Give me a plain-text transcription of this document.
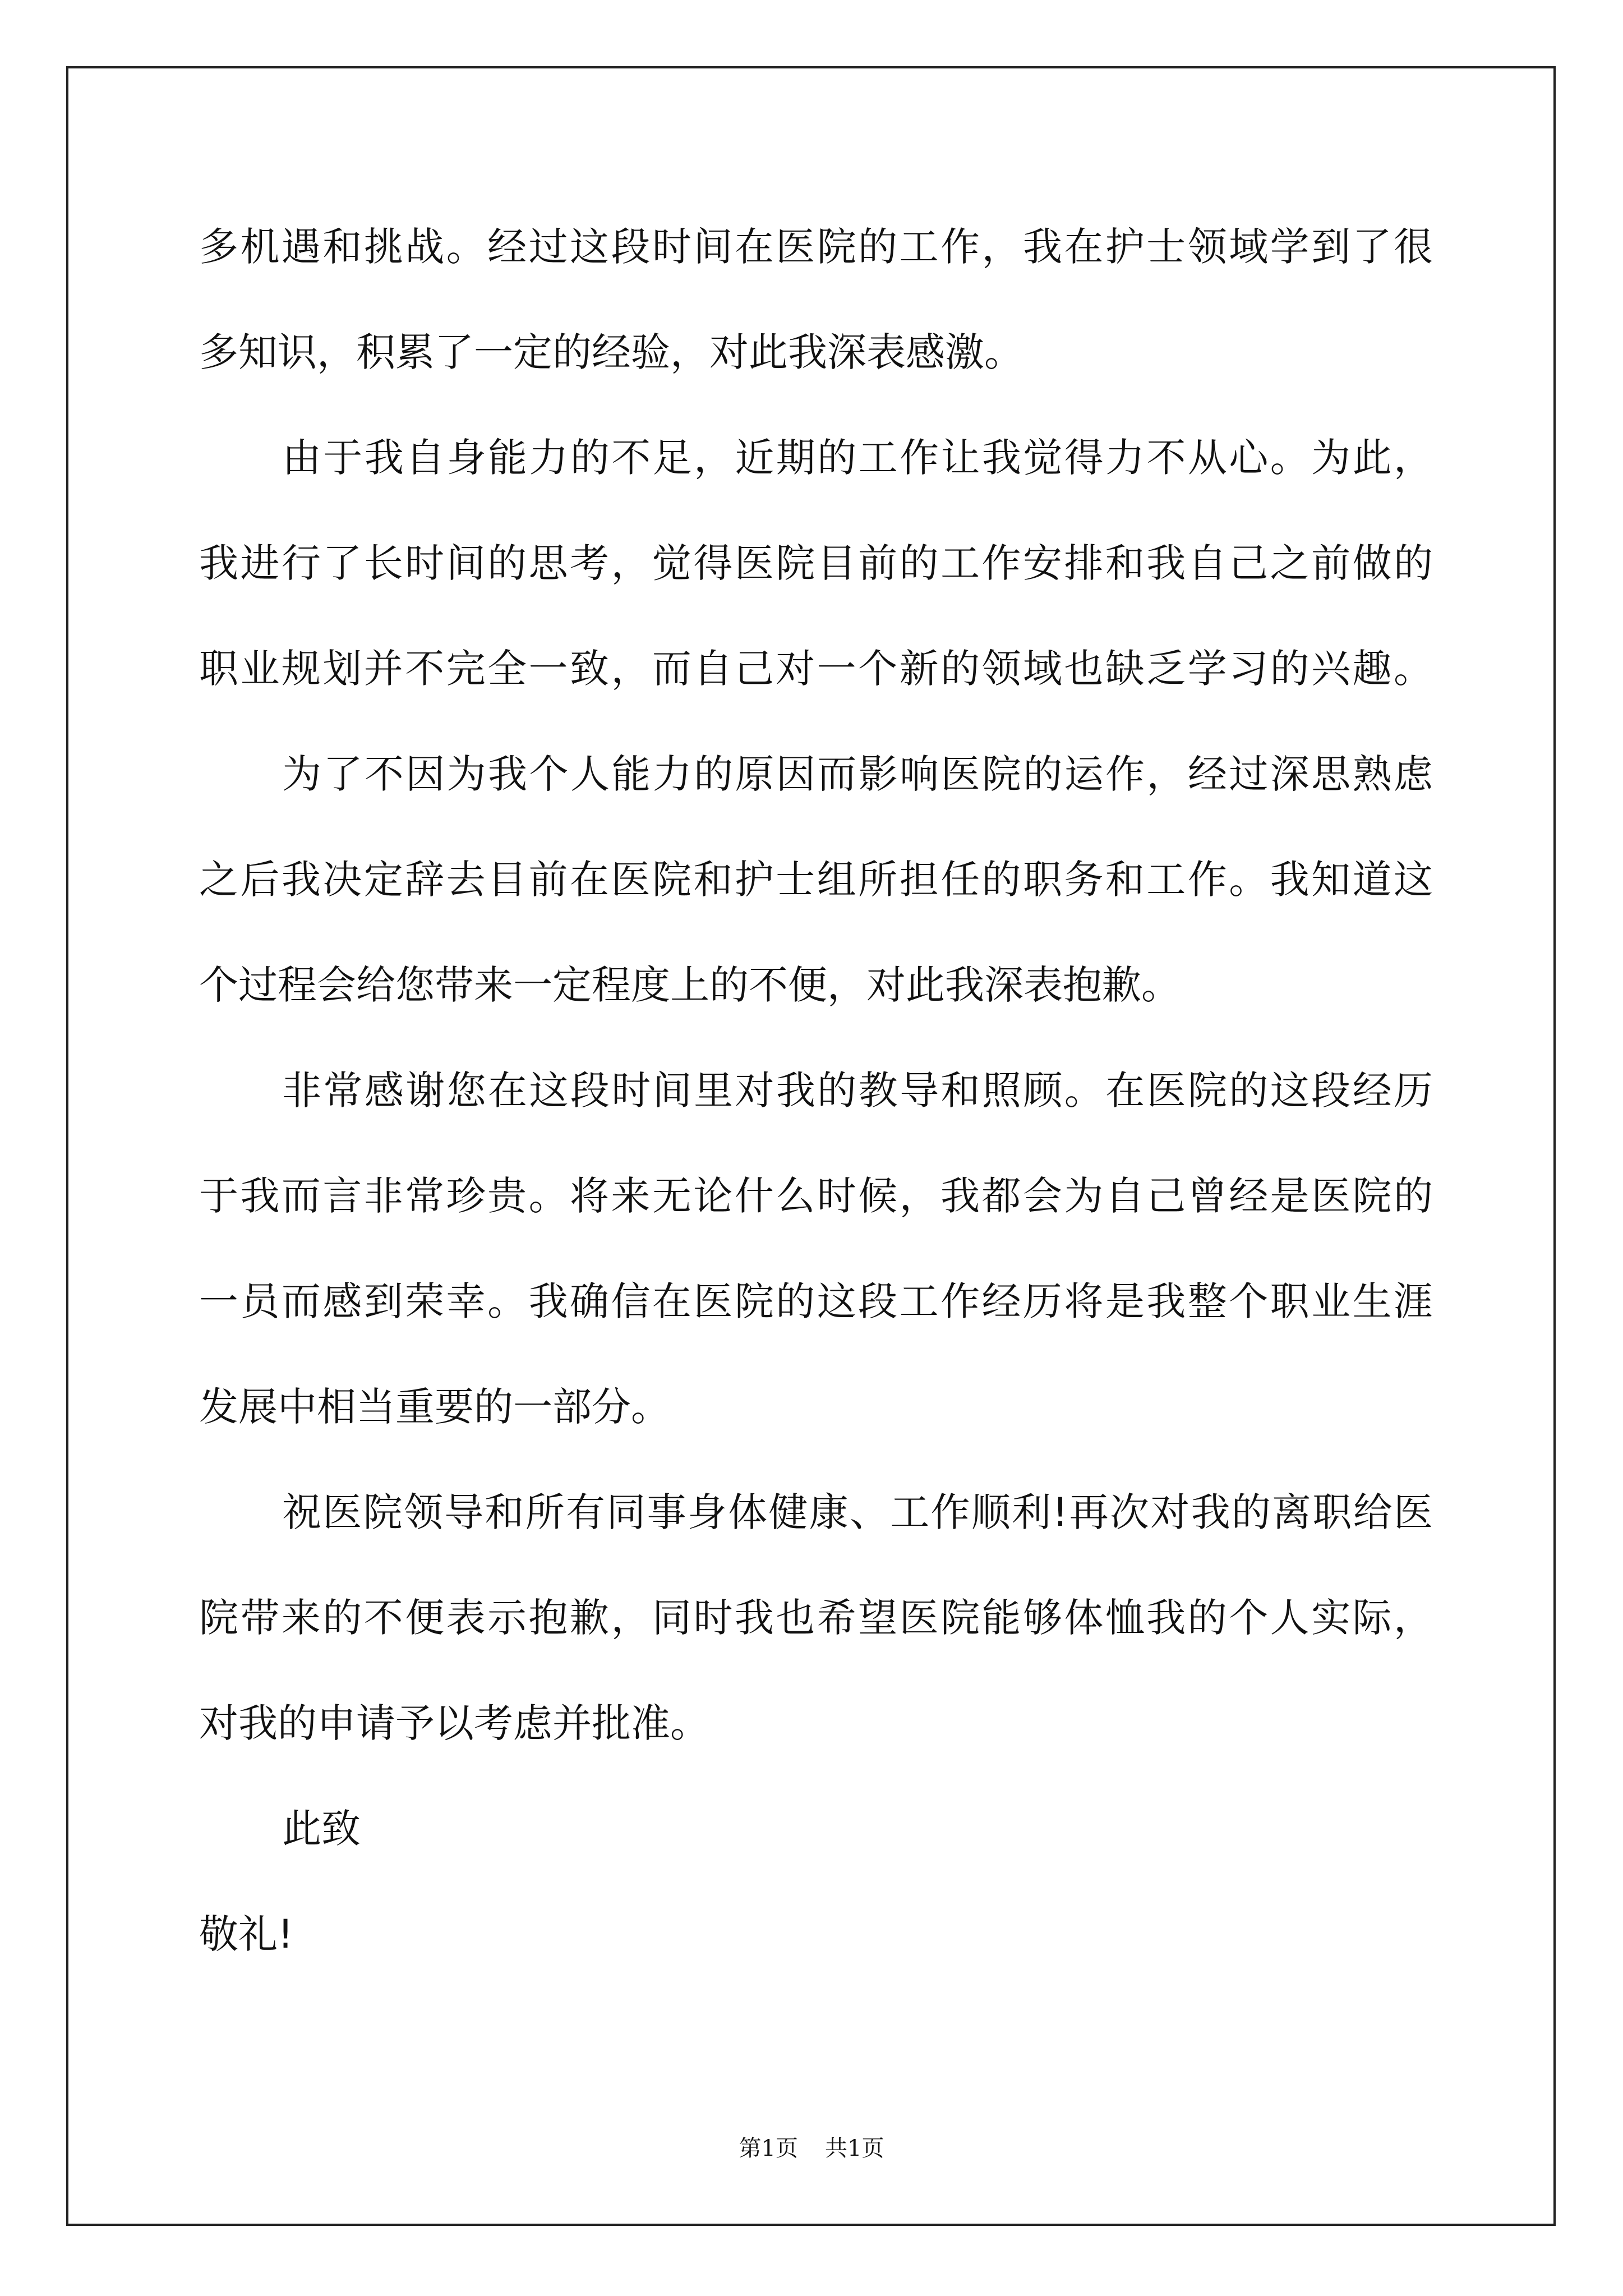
多机遇和挑战。经过这段时间在医院的工作，我在护士领域学到了很
多知识，积累了一定的经验，对此我深表感激。
由于我自身能力的不足，近期的工作让我觉得力不从心。为此，
我进行了长时间的思考，觉得医院目前的工作安排和我自己之前做的
职业规划并不完全一致，而自己对一个新的领域也缺乏学习的兴趣。
为了不因为我个人能力的原因而影响医院的运作，经过深思熟虑
之后我决定辞去目前在医院和护士组所担任的职务和工作。我知道这
个过程会给您带来一定程度上的不便，对此我深表抱歉。
非常感谢您在这段时间里对我的教导和照顾。在医院的这段经历
于我而言非常珍贵。将来无论什么时候，我都会为自己曾经是医院的
一员而感到荣幸。我确信在医院的这段工作经历将是我整个职业生涯
发展中相当重要的一部分。
祝医院领导和所有同事身体健康、工作顺利!再次对我的离职给医
院带来的不便表示抱歉，同时我也希望医院能够体恤我的个人实际，
对我的申请予以考虑并批准。
此致
敬礼!
第1页 共1页
